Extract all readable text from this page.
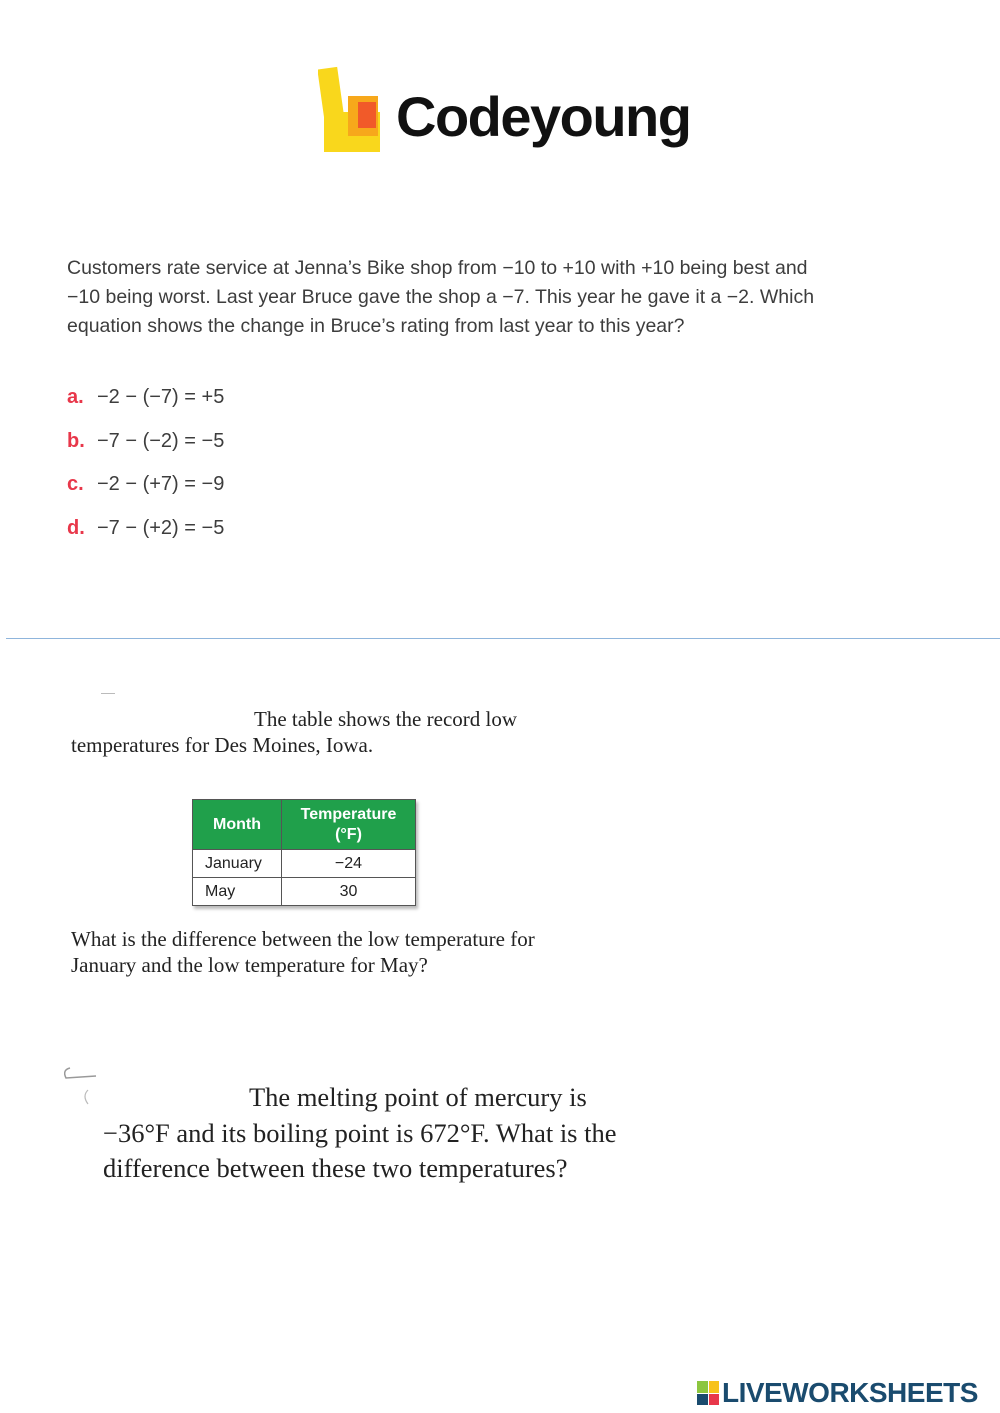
Codeyoung
Customers rate service at Jenna’s Bike shop from −10 to +10 with +10 being best and −10 being worst. Last year Bruce gave the shop a −7. This year he gave it a −2. Which equation shows the change in Bruce’s rating from last year to this year?
a. −2 − (−7) = +5
b. −7 − (−2) = −5
c. −2 − (+7) = −9
d. −7 − (+2) = −5
The table shows the record low temperatures for Des Moines, Iowa.
Month	Temperature (°F)
January	−24
May	30
What is the difference between the low temperature for January and the low temperature for May?
The melting point of mercury is −36°F and its boiling point is 672°F. What is the difference between these two temperatures?
LIVEWORKSHEETS
